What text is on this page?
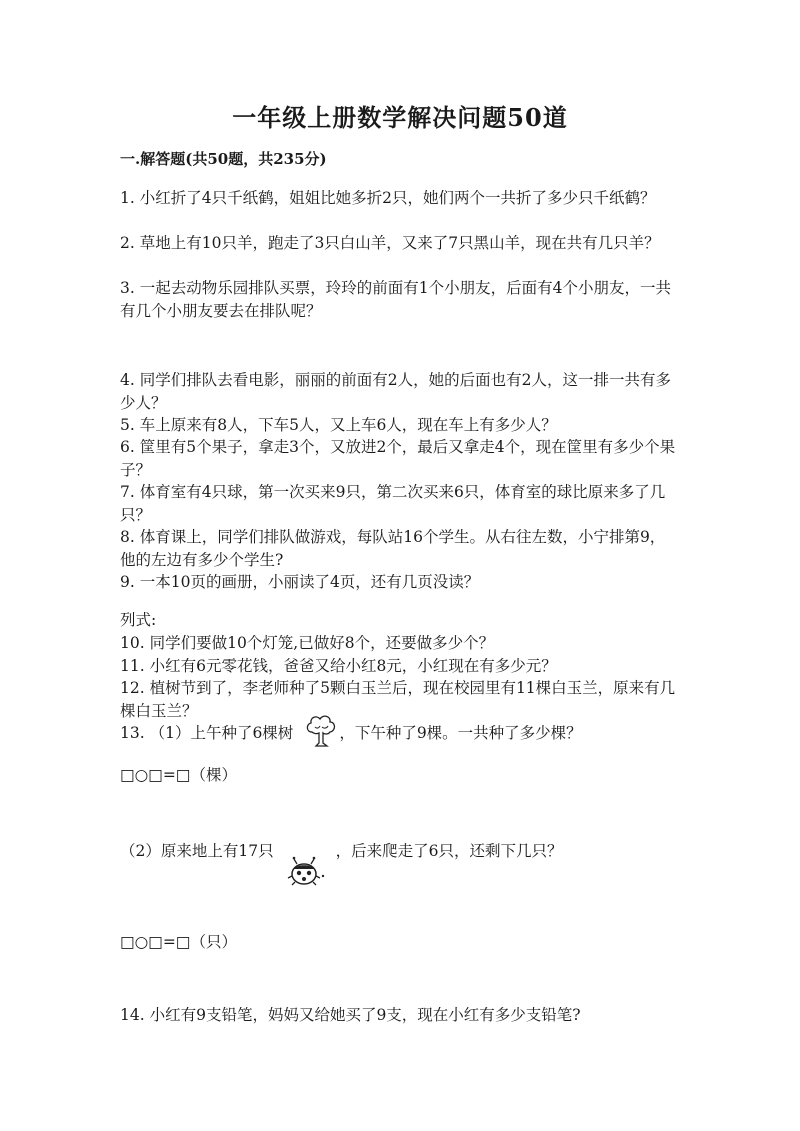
一年级上册数学解决问题50道
一.解答题(共50题，共235分)
1. 小红折了4只千纸鹤，姐姐比她多折2只，她们两个一共折了多少只千纸鹤？
2. 草地上有10只羊，跑走了3只白山羊，又来了7只黑山羊，现在共有几只羊？
3. 一起去动物乐园排队买票，玲玲的前面有1个小朋友，后面有4个小朋友，一共有几个小朋友要去在排队呢？
4. 同学们排队去看电影，丽丽的前面有2人，她的后面也有2人，这一排一共有多少人？
5. 车上原来有8人，下车5人，又上车6人，现在车上有多少人？
6. 筐里有5个果子，拿走3个，又放进2个，最后又拿走4个，现在筐里有多少个果子？
7. 体育室有4只球，第一次买来9只，第二次买来6只，体育室的球比原来多了几只？
8. 体育课上，同学们排队做游戏，每队站16个学生。从右往左数，小宁排第9，他的左边有多少个学生?
9. 一本10页的画册，小丽读了4页，还有几页没读？
列式:
10. 同学们要做10个灯笼,已做好8个，还要做多少个？
11. 小红有6元零花钱，爸爸又给小红8元，小红现在有多少元？
12. 植树节到了，李老师种了5颗白玉兰后，现在校园里有11棵白玉兰，原来有几棵白玉兰？
13. （1）上午种了6棵树	，下午种了9棵。一共种了多少棵？
□○□=□（棵）
（2）原来地上有17只	，后来爬走了6只，还剩下几只？
□○□=□（只）
14. 小红有9支铅笔，妈妈又给她买了9支，现在小红有多少支铅笔?
